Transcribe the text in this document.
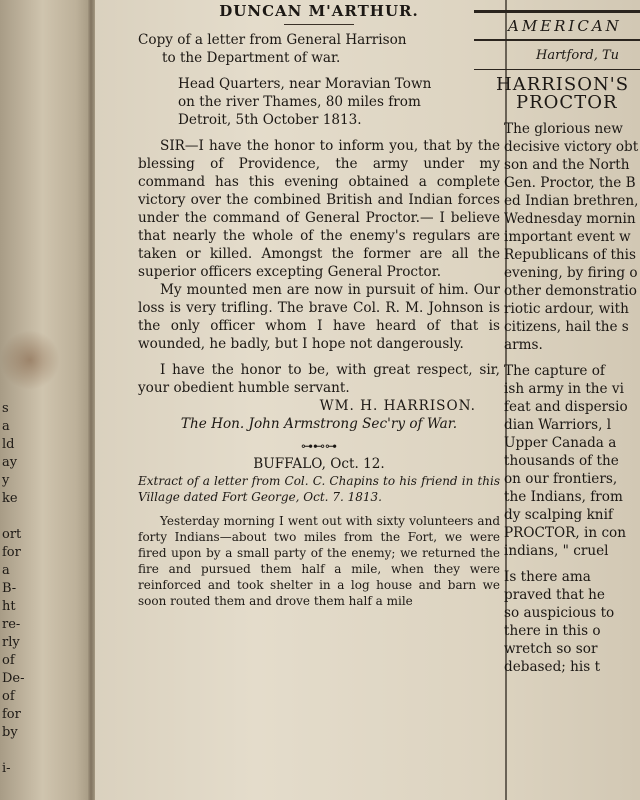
s
a
ld
ay
y
ke

ort
for
a
B-
ht
re-
rly
of
De-
of
for
by

i-
DUNCAN M'ARTHUR.

Copy of a letter from General Harrison
to the Department of war.

Head Quarters, near Moravian Town
on the river Thames, 80 miles from
Detroit, 5th October 1813.

SIR—I have the honor to inform you, that by the blessing of Providence, the army under my command has this evening obtained a complete victory over the combined British and Indian forces under the command of General Proctor.— I believe that nearly the whole of the enemy's regulars are taken or killed. Amongst the former are all the superior officers excepting General Proctor.

My mounted men are now in pursuit of him. Our loss is very trifling. The brave Col. R. M. Johnson is the only officer whom I have heard of that is wounded, he badly, but I hope not dangerously.

I have the honor to be, with great respect, sir, your obedient humble servant.

WM. H. HARRISON.
The Hon. John Armstrong Sec'ry of War.
⊶⊷⊶
BUFFALO, Oct. 12.

Extract of a letter from Col. C. Chapins to his friend in this Village dated Fort George, Oct. 7. 1813.

Yesterday morning I went out with sixty volunteers and forty Indians—about two miles from the Fort, we were fired upon by a small party of the enemy; we returned the fire and pursued them half a mile, when they were reinforced and took shelter in a log house and barn we soon routed them and drove them half a mile

AMERICAN
Hartford, Tu
HARRISON'S
PROCTOR
The glorious new
decisive victory obt
son and the North
Gen. Proctor, the B
ed Indian brethren,
Wednesday mornin
important event w
Republicans of this
evening, by firing o
other demonstratio
riotic ardour, with
citizens, hail the s
arms.
The capture of
ish army in the vi
feat and dispersio
dian Warriors, l
Upper Canada a
thousands of the
on our frontiers,
the Indians, from
dy scalping knif
PROCTOR, in con
indians, " cruel
Is there ama
praved that he
so auspicious to
there in this o
wretch so sor
debased; his t
